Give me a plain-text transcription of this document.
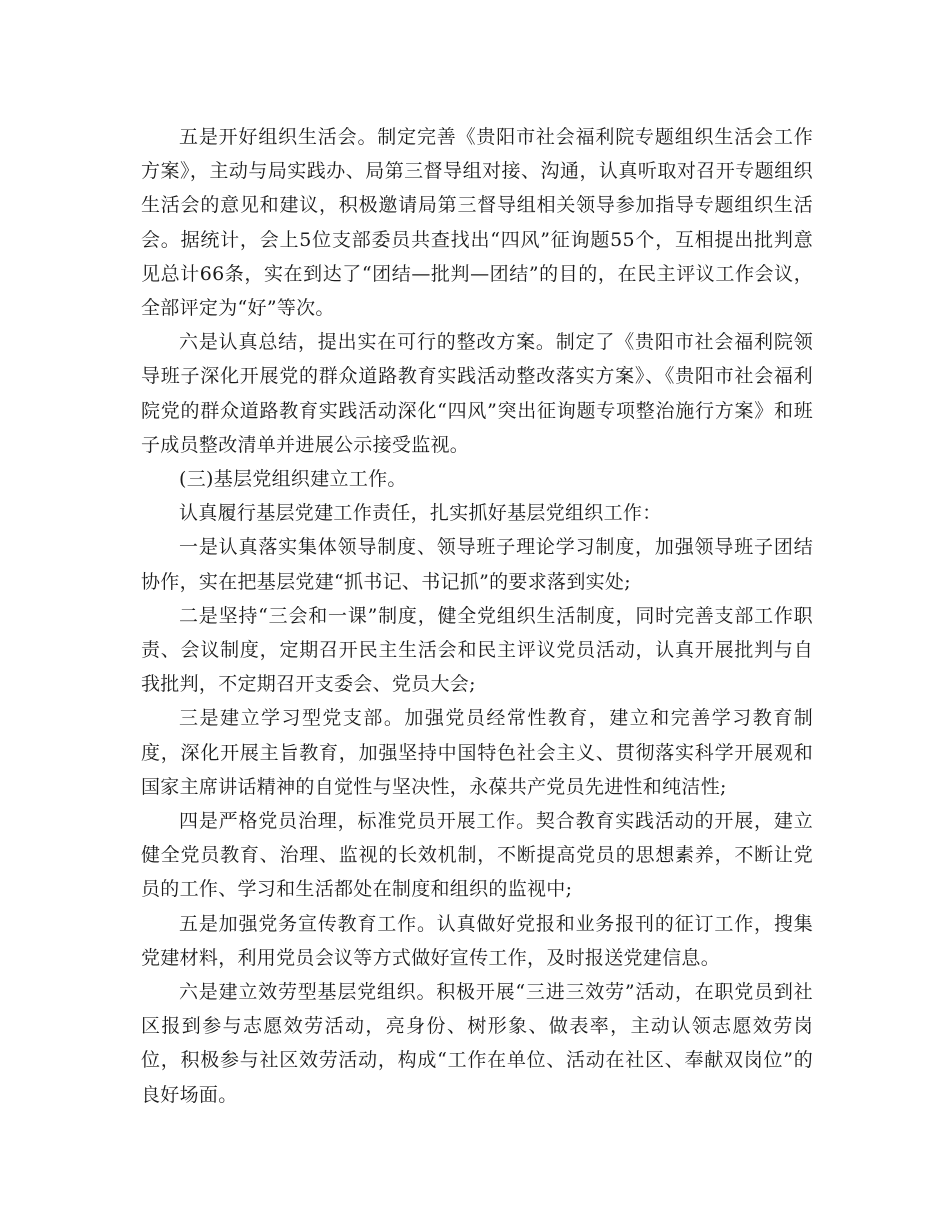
五是开好组织生活会。制定完善《贵阳市社会福利院专题组织生活会工作方案》，主动与局实践办、局第三督导组对接、沟通，认真听取对召开专题组织生活会的意见和建议，积极邀请局第三督导组相关领导参加指导专题组织生活会。据统计，会上5位支部委员共查找出“四风”征询题55个，互相提出批判意见总计66条，实在到达了“团结—批判—团结”的目的，在民主评议工作会议，全部评定为“好”等次。

六是认真总结，提出实在可行的整改方案。制定了《贵阳市社会福利院领导班子深化开展党的群众道路教育实践活动整改落实方案》、《贵阳市社会福利院党的群众道路教育实践活动深化“四风”突出征询题专项整治施行方案》和班子成员整改清单并进展公示接受监视。

(三)基层党组织建立工作。

认真履行基层党建工作责任，扎实抓好基层党组织工作：

一是认真落实集体领导制度、领导班子理论学习制度，加强领导班子团结协作，实在把基层党建“抓书记、书记抓”的要求落到实处;

二是坚持“三会和一课”制度，健全党组织生活制度，同时完善支部工作职责、会议制度，定期召开民主生活会和民主评议党员活动，认真开展批判与自我批判，不定期召开支委会、党员大会;

三是建立学习型党支部。加强党员经常性教育，建立和完善学习教育制度，深化开展主旨教育，加强坚持中国特色社会主义、贯彻落实科学开展观和国家主席讲话精神的自觉性与坚决性，永葆共产党员先进性和纯洁性;

四是严格党员治理，标准党员开展工作。契合教育实践活动的开展，建立健全党员教育、治理、监视的长效机制，不断提高党员的思想素养，不断让党员的工作、学习和生活都处在制度和组织的监视中;

五是加强党务宣传教育工作。认真做好党报和业务报刊的征订工作，搜集党建材料，利用党员会议等方式做好宣传工作，及时报送党建信息。

六是建立效劳型基层党组织。积极开展“三进三效劳”活动，在职党员到社区报到参与志愿效劳活动，亮身份、树形象、做表率，主动认领志愿效劳岗位，积极参与社区效劳活动，构成“工作在单位、活动在社区、奉献双岗位”的良好场面。
